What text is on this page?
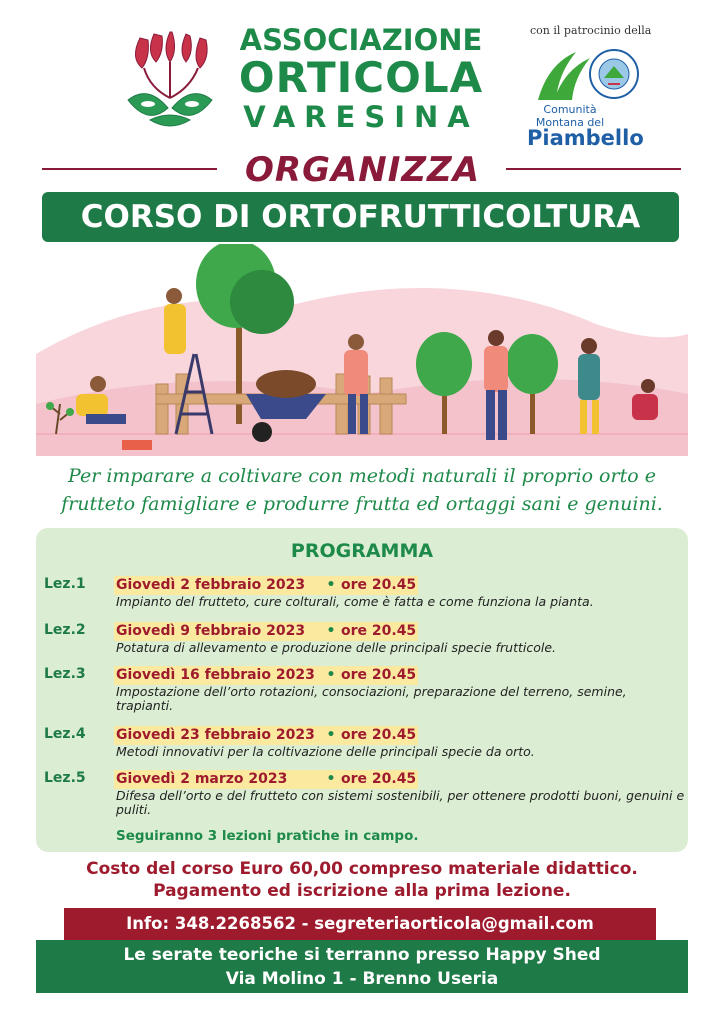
ASSOCIAZIONE
ORTICOLA
VARESINA
con il patrocinio della
Comunità Montana del
Piambello
ORGANIZZA
CORSO DI ORTOFRUTTICOLTURA
Per imparare a coltivare con metodi naturali il proprio orto e frutteto famigliare e produrre frutta ed ortaggi sani e genuini.
PROGRAMMA
Lez.1 Giovedì 2 febbraio 2023 • ore 20.45
Impianto del frutteto, cure colturali, come è fatta e come funziona la pianta.
Lez.2 Giovedì 9 febbraio 2023 • ore 20.45
Potatura di allevamento e produzione delle principali specie frutticole.
Lez.3 Giovedì 16 febbraio 2023 • ore 20.45
Impostazione dell’orto rotazioni, consociazioni, preparazione del terreno, semine, trapianti.
Lez.4 Giovedì 23 febbraio 2023 • ore 20.45
Metodi innovativi per la coltivazione delle principali specie da orto.
Lez.5 Giovedì 2 marzo 2023	• ore 20.45
Difesa dell’orto e del frutteto con sistemi sostenibili, per ottenere prodotti buoni, genuini e puliti.
Seguiranno 3 lezioni pratiche in campo.
Costo del corso Euro 60,00 compreso materiale didattico.
Pagamento ed iscrizione alla prima lezione.
Info: 348.2268562 - segreteriaorticola@gmail.com
Le serate teoriche si terranno presso Happy Shed
Via Molino 1 - Brenno Useria
